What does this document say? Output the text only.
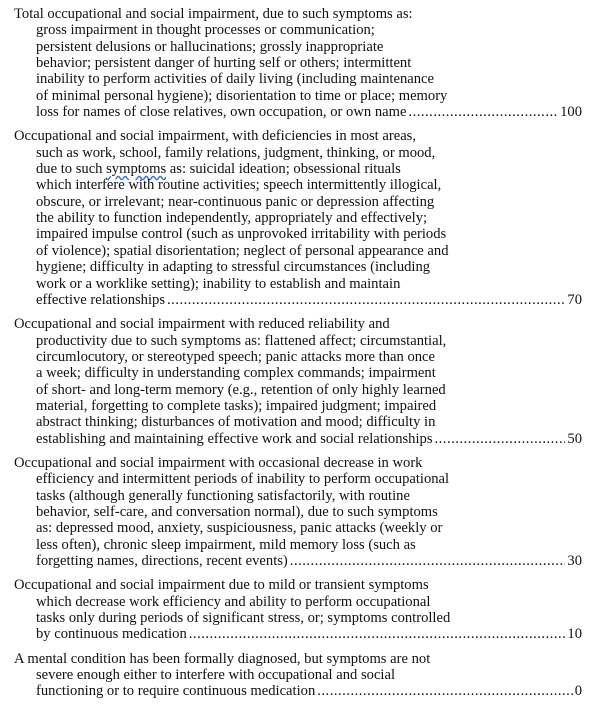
Total occupational and social impairment, due to such symptoms as:
gross impairment in thought processes or communication;
persistent delusions or hallucinations; grossly inappropriate
behavior; persistent danger of hurting self or others; intermittent
inability to perform activities of daily living (including maintenance
of minimal personal hygiene); disorientation to time or place; memory
loss for names of close relatives, own occupation, or own name .....	100
Occupational and social impairment, with deficiencies in most areas,
such as work, school, family relations, judgment, thinking, or mood,
due to such symptoms as: suicidal ideation; obsessional rituals
which interfere with routine activities; speech intermittently illogical,
obscure, or irrelevant; near-continuous panic or depression affecting
the ability to function independently, appropriately and effectively;
impaired impulse control (such as unprovoked irritability with periods
of violence); spatial disorientation; neglect of personal appearance and
hygiene; difficulty in adapting to stressful circumstances (including
work or a worklike setting); inability to establish and maintain
effective relationships .....	70
Occupational and social impairment with reduced reliability and
productivity due to such symptoms as: flattened affect; circumstantial,
circumlocutory, or stereotyped speech; panic attacks more than once
a week; difficulty in understanding complex commands; impairment
of short- and long-term memory (e.g., retention of only highly learned
material, forgetting to complete tasks); impaired judgment; impaired
abstract thinking; disturbances of motivation and mood; difficulty in
establishing and maintaining effective work and social relationships .....	50
Occupational and social impairment with occasional decrease in work
efficiency and intermittent periods of inability to perform occupational
tasks (although generally functioning satisfactorily, with routine
behavior, self-care, and conversation normal), due to such symptoms
as: depressed mood, anxiety, suspiciousness, panic attacks (weekly or
less often), chronic sleep impairment, mild memory loss (such as
forgetting names, directions, recent events) .....	30
Occupational and social impairment due to mild or transient symptoms
which decrease work efficiency and ability to perform occupational
tasks only during periods of significant stress, or; symptoms controlled
by continuous medication .....	10
A mental condition has been formally diagnosed, but symptoms are not
severe enough either to interfere with occupational and social
functioning or to require continuous medication .....	0
